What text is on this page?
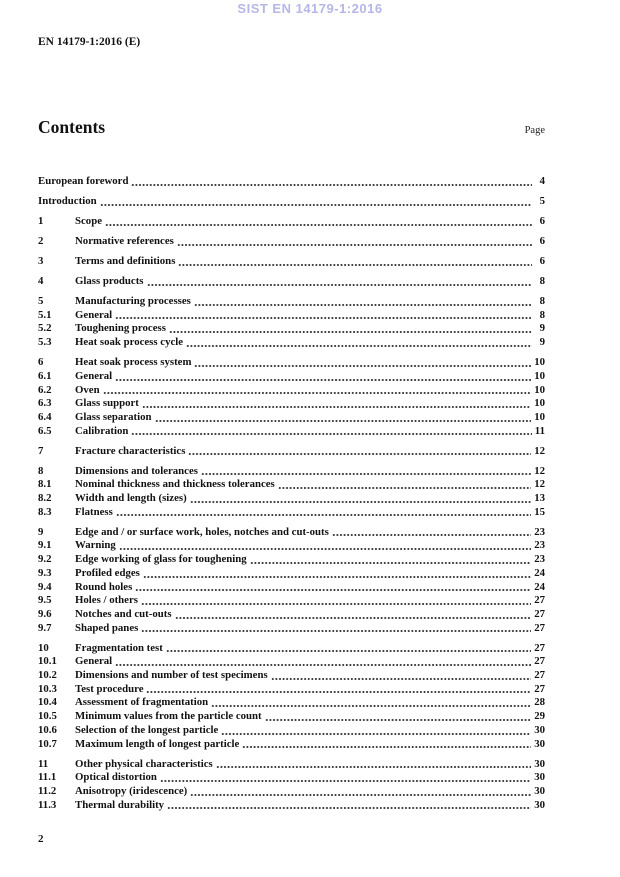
SIST EN 14179-1:2016
EN 14179-1:2016 (E)
Contents	Page
European foreword	4
Introduction	5
1	Scope	6
2	Normative references	6
3	Terms and definitions	6
4	Glass products	8
5	Manufacturing processes	8
5.1	General	8
5.2	Toughening process	9
5.3	Heat soak process cycle	9
6	Heat soak process system	10
6.1	General	10
6.2	Oven	10
6.3	Glass support	10
6.4	Glass separation	10
6.5	Calibration	11
7	Fracture characteristics	12
8	Dimensions and tolerances	12
8.1	Nominal thickness and thickness tolerances	12
8.2	Width and length (sizes)	13
8.3	Flatness	15
9	Edge and / or surface work, holes, notches and cut-outs	23
9.1	Warning	23
9.2	Edge working of glass for toughening	23
9.3	Profiled edges	24
9.4	Round holes	24
9.5	Holes / others	27
9.6	Notches and cut-outs	27
9.7	Shaped panes	27
10	Fragmentation test	27
10.1	General	27
10.2	Dimensions and number of test specimens	27
10.3	Test procedure	27
10.4	Assessment of fragmentation	28
10.5	Minimum values from the particle count	29
10.6	Selection of the longest particle	30
10.7	Maximum length of longest particle	30
11	Other physical characteristics	30
11.1	Optical distortion	30
11.2	Anisotropy (iridescence)	30
11.3	Thermal durability	30
2
